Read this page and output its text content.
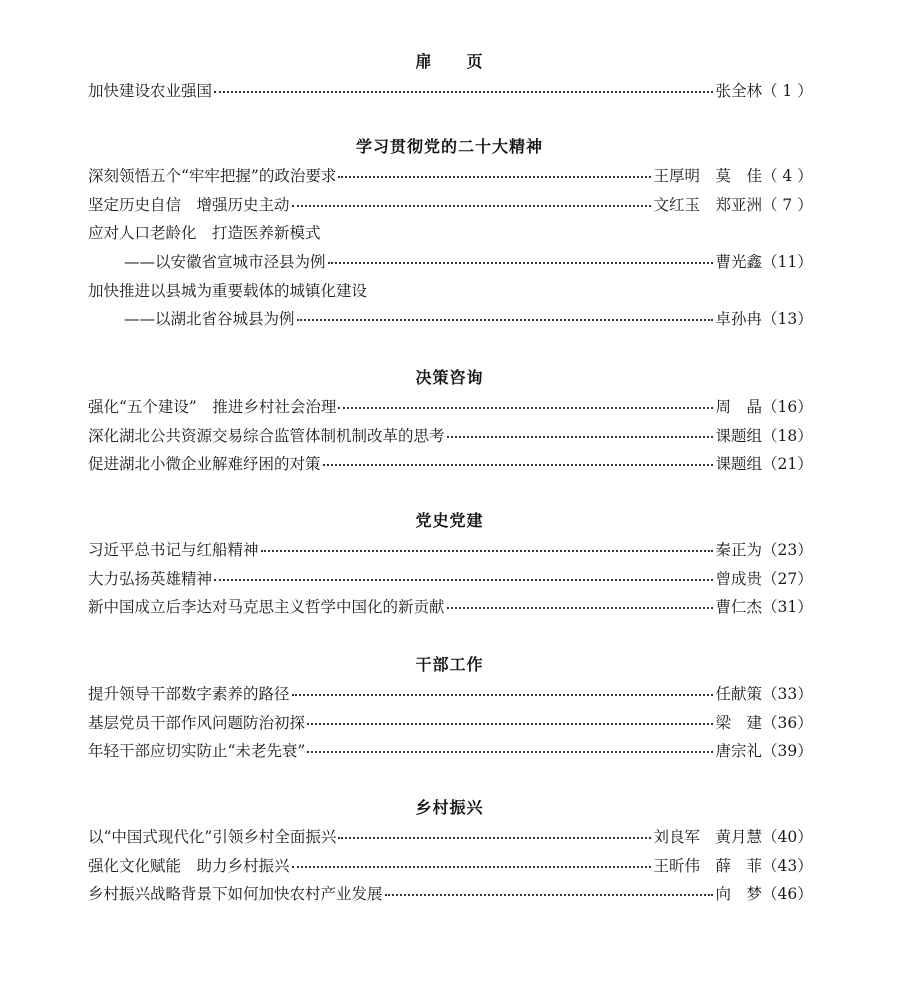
扉　　页
加快建设农业强国	张全林 （ 1 ）
学习贯彻党的二十大精神
深刻领悟五个“牢牢把握”的政治要求	王厚明　莫　佳 （ 4 ）
坚定历史自信　增强历史主动	文红玉　郑亚洲 （ 7 ）
应对人口老龄化　打造医养新模式
——以安徽省宣城市泾县为例	曹光鑫 （11）
加快推进以县城为重要载体的城镇化建设
——以湖北省谷城县为例	卓孙冉 （13）
决策咨询
强化“五个建设”　推进乡村社会治理	周　晶 （16）
深化湖北公共资源交易综合监管体制机制改革的思考	课题组 （18）
促进湖北小微企业解难纾困的对策	课题组 （21）
党史党建
习近平总书记与红船精神	秦正为 （23）
大力弘扬英雄精神	曾成贵 （27）
新中国成立后李达对马克思主义哲学中国化的新贡献	曹仁杰 （31）
干部工作
提升领导干部数字素养的路径	任献策 （33）
基层党员干部作风问题防治初探	梁　建 （36）
年轻干部应切实防止“未老先衰”	唐宗礼 （39）
乡村振兴
以“中国式现代化”引领乡村全面振兴	刘良军　黄月慧 （40）
强化文化赋能　助力乡村振兴	王昕伟　薛　菲 （43）
乡村振兴战略背景下如何加快农村产业发展	向　梦 （46）
